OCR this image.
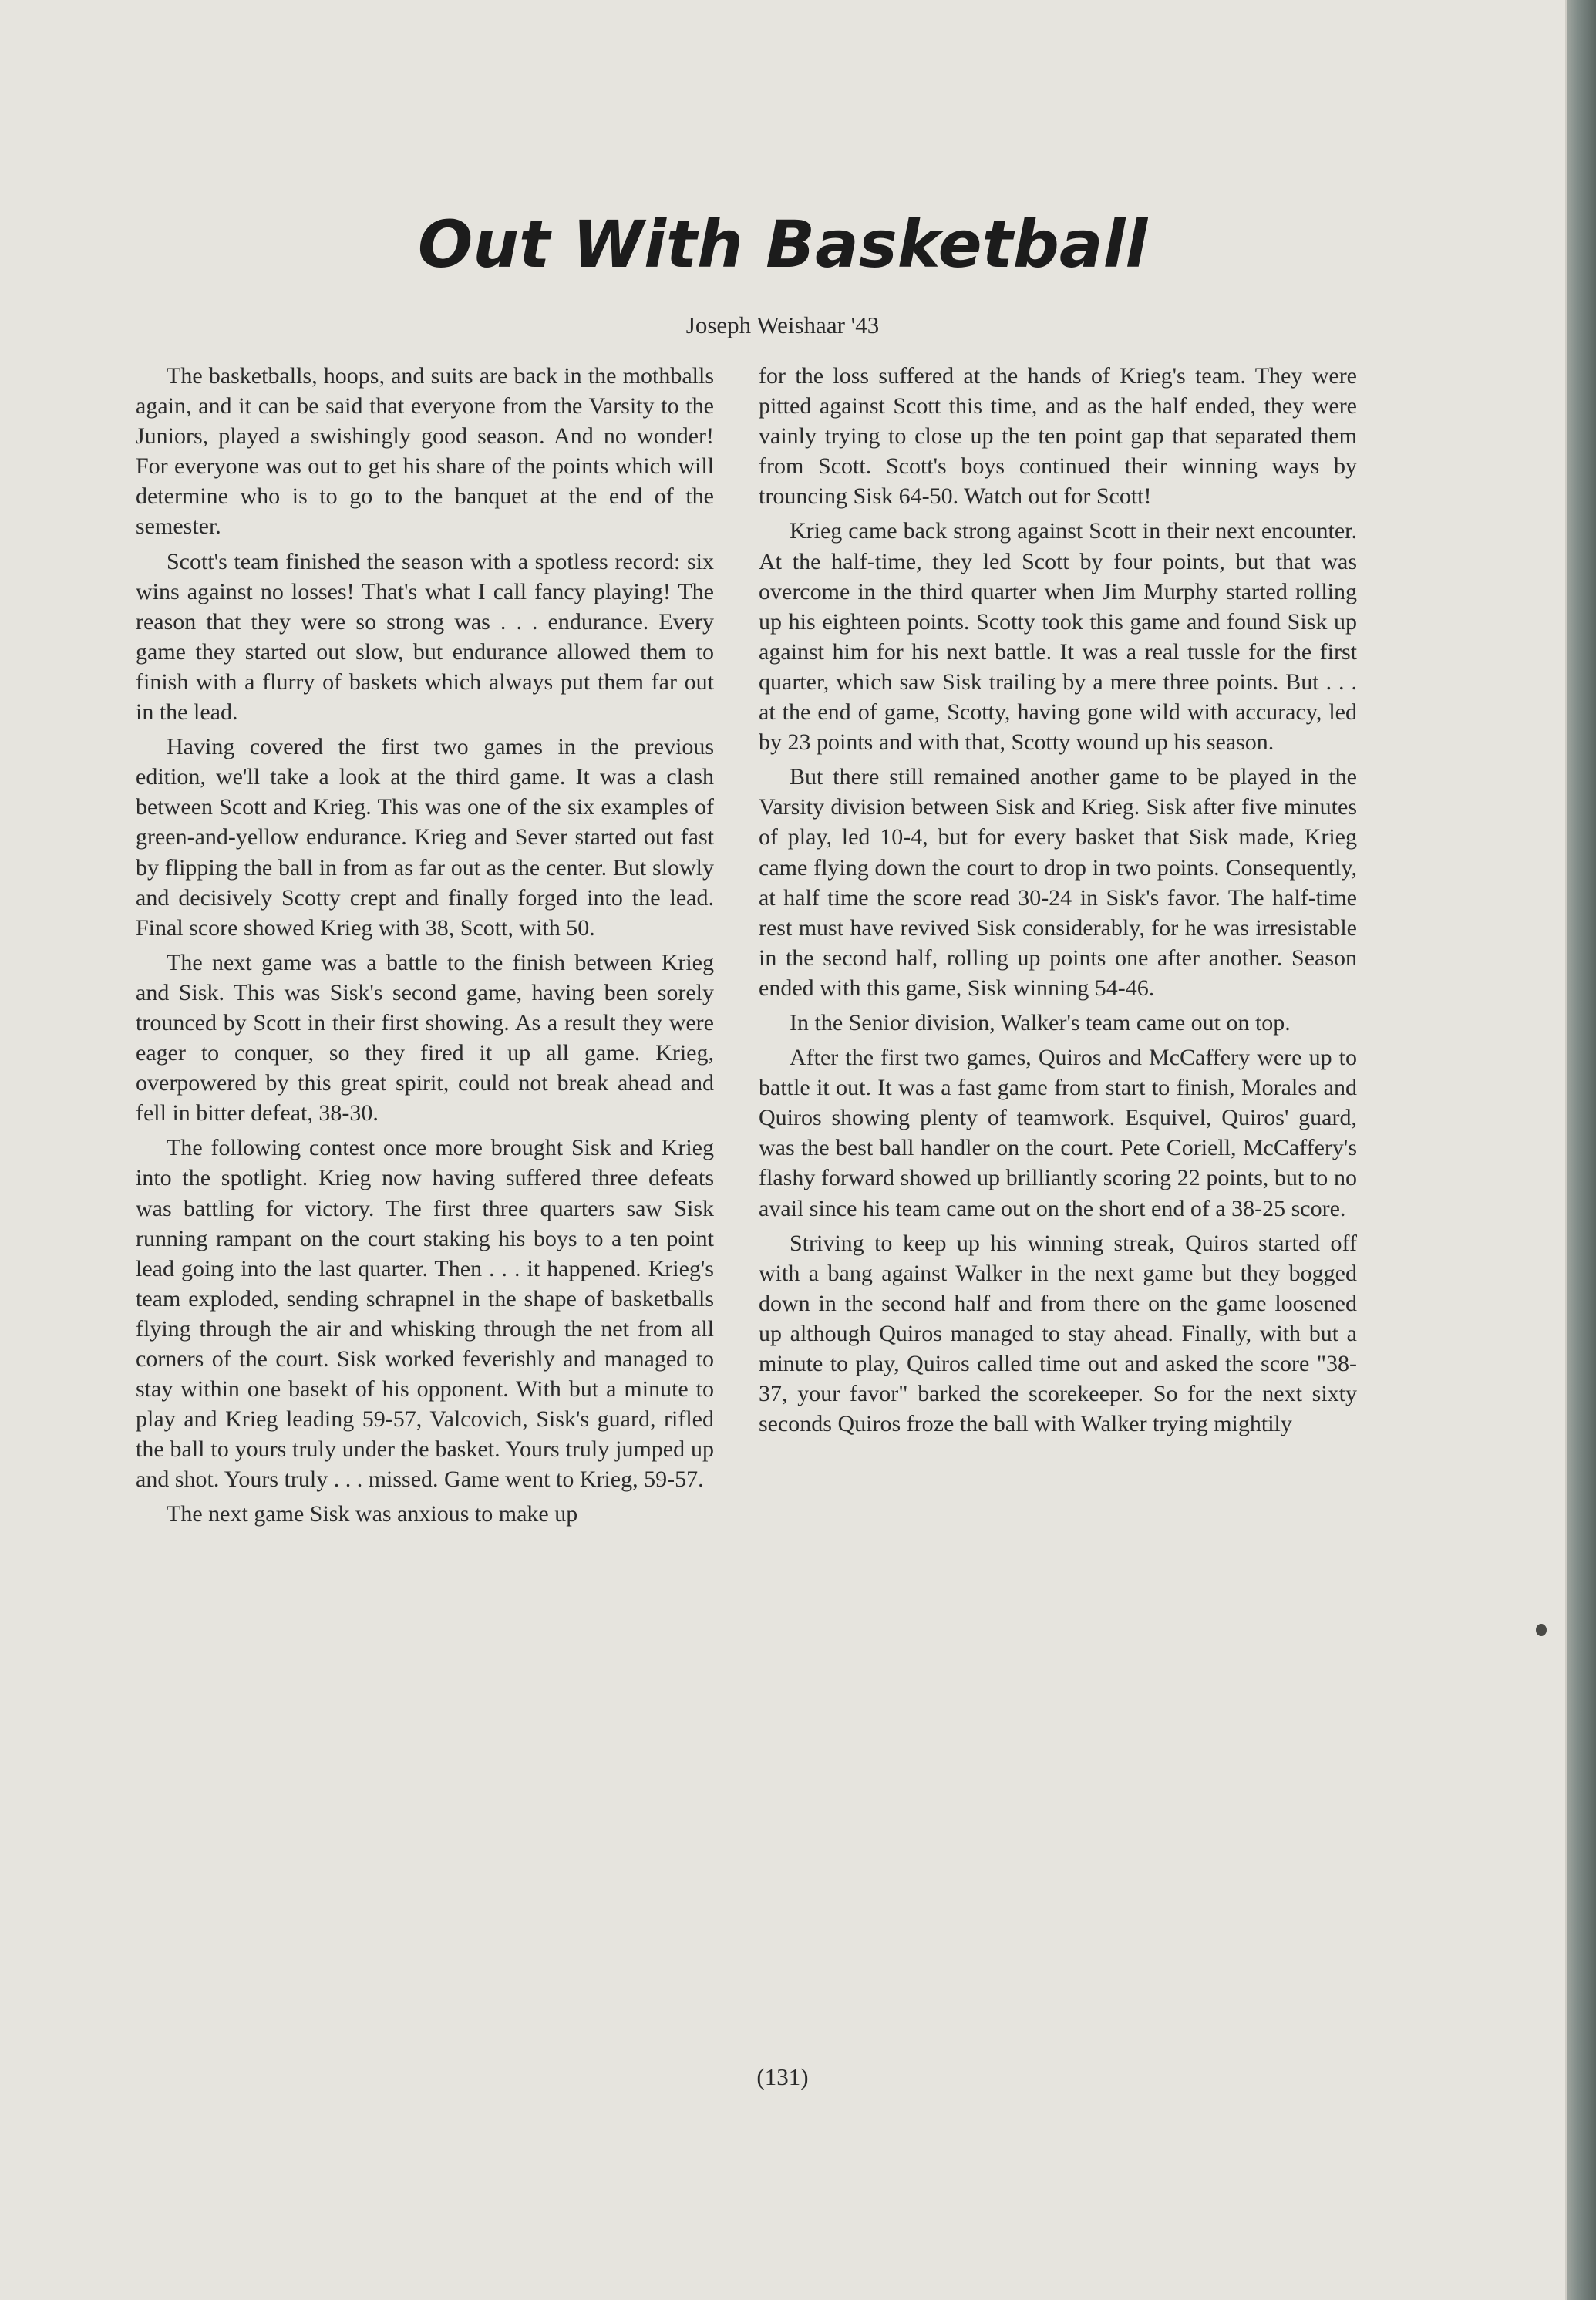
Out With Basketball

Joseph Weishaar '43

The basketballs, hoops, and suits are back in the mothballs again, and it can be said that everyone from the Varsity to the Juniors, played a swishingly good season. And no wonder! For everyone was out to get his share of the points which will determine who is to go to the banquet at the end of the semester.

Scott's team finished the season with a spotless record: six wins against no losses! That's what I call fancy playing! The reason that they were so strong was . . . endurance. Every game they started out slow, but endurance allowed them to finish with a flurry of baskets which always put them far out in the lead.

Having covered the first two games in the previous edition, we'll take a look at the third game. It was a clash between Scott and Krieg. This was one of the six examples of green-and-yellow endurance. Krieg and Sever started out fast by flipping the ball in from as far out as the center. But slowly and decisively Scotty crept and finally forged into the lead. Final score showed Krieg with 38, Scott, with 50.

The next game was a battle to the finish between Krieg and Sisk. This was Sisk's second game, having been sorely trounced by Scott in their first showing. As a result they were eager to conquer, so they fired it up all game. Krieg, overpowered by this great spirit, could not break ahead and fell in bitter defeat, 38-30.

The following contest once more brought Sisk and Krieg into the spotlight. Krieg now having suffered three defeats was battling for victory. The first three quarters saw Sisk running rampant on the court staking his boys to a ten point lead going into the last quarter. Then . . . it happened. Krieg's team exploded, sending schrapnel in the shape of basketballs flying through the air and whisking through the net from all corners of the court. Sisk worked feverishly and managed to stay within one basekt of his opponent. With but a minute to play and Krieg leading 59-57, Valcovich, Sisk's guard, rifled the ball to yours truly under the basket. Yours truly jumped up and shot. Yours truly . . . missed. Game went to Krieg, 59-57.

The next game Sisk was anxious to make up

for the loss suffered at the hands of Krieg's team. They were pitted against Scott this time, and as the half ended, they were vainly trying to close up the ten point gap that separated them from Scott. Scott's boys continued their winning ways by trouncing Sisk 64-50. Watch out for Scott!

Krieg came back strong against Scott in their next encounter. At the half-time, they led Scott by four points, but that was overcome in the third quarter when Jim Murphy started rolling up his eighteen points. Scotty took this game and found Sisk up against him for his next battle. It was a real tussle for the first quarter, which saw Sisk trailing by a mere three points. But . . . at the end of game, Scotty, having gone wild with accuracy, led by 23 points and with that, Scotty wound up his season.

But there still remained another game to be played in the Varsity division between Sisk and Krieg. Sisk after five minutes of play, led 10-4, but for every basket that Sisk made, Krieg came flying down the court to drop in two points. Consequently, at half time the score read 30-24 in Sisk's favor. The half-time rest must have revived Sisk considerably, for he was irresistable in the second half, rolling up points one after another. Season ended with this game, Sisk winning 54-46.

In the Senior division, Walker's team came out on top.

After the first two games, Quiros and McCaffery were up to battle it out. It was a fast game from start to finish, Morales and Quiros showing plenty of teamwork. Esquivel, Quiros' guard, was the best ball handler on the court. Pete Coriell, McCaffery's flashy forward showed up brilliantly scoring 22 points, but to no avail since his team came out on the short end of a 38-25 score.

Striving to keep up his winning streak, Quiros started off with a bang against Walker in the next game but they bogged down in the second half and from there on the game loosened up although Quiros managed to stay ahead. Finally, with but a minute to play, Quiros called time out and asked the score "38-37, your favor" barked the scorekeeper. So for the next sixty seconds Quiros froze the ball with Walker trying mightily

(131)
